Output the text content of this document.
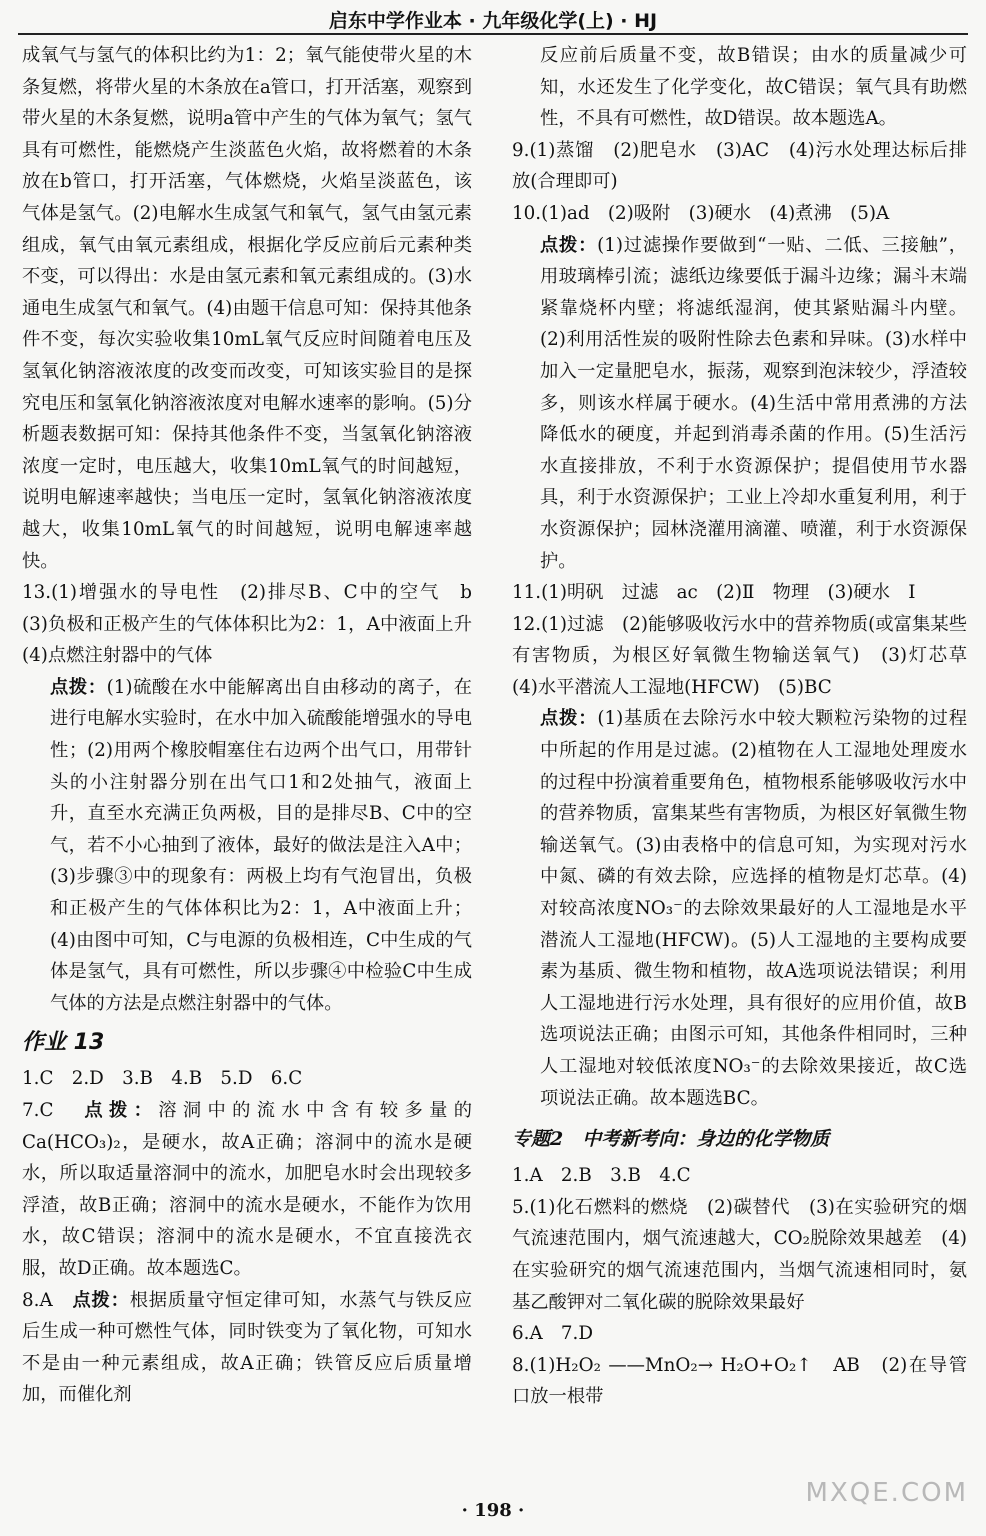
启东中学作业本 · 九年级化学(上) · HJ

成氧气与氢气的体积比约为1：2；氧气能使带火星的木条复燃，将带火星的木条放在a管口，打开活塞，观察到带火星的木条复燃，说明a管中产生的气体为氧气；氢气具有可燃性，能燃烧产生淡蓝色火焰，故将燃着的木条放在b管口，打开活塞，气体燃烧，火焰呈淡蓝色，该气体是氢气。(2)电解水生成氢气和氧气，氢气由氢元素组成，氧气由氧元素组成，根据化学反应前后元素种类不变，可以得出：水是由氢元素和氧元素组成的。(3)水通电生成氢气和氧气。(4)由题干信息可知：保持其他条件不变，每次实验收集10mL氧气反应时间随着电压及氢氧化钠溶液浓度的改变而改变，可知该实验目的是探究电压和氢氧化钠溶液浓度对电解水速率的影响。(5)分析题表数据可知：保持其他条件不变，当氢氧化钠溶液浓度一定时，电压越大，收集10mL氧气的时间越短，说明电解速率越快；当电压一定时，氢氧化钠溶液浓度越大，收集10mL氧气的时间越短，说明电解速率越快。

13.(1)增强水的导电性　(2)排尽B、C中的空气　b　(3)负极和正极产生的气体体积比为2：1，A中液面上升　(4)点燃注射器中的气体

点拨：(1)硫酸在水中能解离出自由移动的离子，在进行电解水实验时，在水中加入硫酸能增强水的导电性；(2)用两个橡胶帽塞住右边两个出气口，用带针头的小注射器分别在出气口1和2处抽气，液面上升，直至水充满正负两极，目的是排尽B、C中的空气，若不小心抽到了液体，最好的做法是注入A中；(3)步骤③中的现象有：两极上均有气泡冒出，负极和正极产生的气体体积比为2：1，A中液面上升；(4)由图中可知，C与电源的负极相连，C中生成的气体是氢气，具有可燃性，所以步骤④中检验C中生成气体的方法是点燃注射器中的气体。

作业 13

1.C　2.D　3.B　4.B　5.D　6.C

7.C　点拨：溶洞中的流水中含有较多量的Ca(HCO₃)₂，是硬水，故A正确；溶洞中的流水是硬水，所以取适量溶洞中的流水，加肥皂水时会出现较多浮渣，故B正确；溶洞中的流水是硬水，不能作为饮用水，故C错误；溶洞中的流水是硬水，不宜直接洗衣服，故D正确。故本题选C。

8.A　点拨：根据质量守恒定律可知，水蒸气与铁反应后生成一种可燃性气体，同时铁变为了氧化物，可知水不是由一种元素组成，故A正确；铁管反应后质量增加，而催化剂

反应前后质量不变，故B错误；由水的质量减少可知，水还发生了化学变化，故C错误；氧气具有助燃性，不具有可燃性，故D错误。故本题选A。

9.(1)蒸馏　(2)肥皂水　(3)AC　(4)污水处理达标后排放(合理即可)

10.(1)ad　(2)吸附　(3)硬水　(4)煮沸　(5)A

点拨：(1)过滤操作要做到“一贴、二低、三接触”，用玻璃棒引流；滤纸边缘要低于漏斗边缘；漏斗末端紧靠烧杯内壁；将滤纸湿润，使其紧贴漏斗内壁。(2)利用活性炭的吸附性除去色素和异味。(3)水样中加入一定量肥皂水，振荡，观察到泡沫较少，浮渣较多，则该水样属于硬水。(4)生活中常用煮沸的方法降低水的硬度，并起到消毒杀菌的作用。(5)生活污水直接排放，不利于水资源保护；提倡使用节水器具，利于水资源保护；工业上冷却水重复利用，利于水资源保护；园林浇灌用滴灌、喷灌，利于水资源保护。

11.(1)明矾　过滤　ac　(2)Ⅱ　物理　(3)硬水　Ⅰ

12.(1)过滤　(2)能够吸收污水中的营养物质(或富集某些有害物质，为根区好氧微生物输送氧气)　(3)灯芯草　(4)水平潜流人工湿地(HFCW)　(5)BC

点拨：(1)基质在去除污水中较大颗粒污染物的过程中所起的作用是过滤。(2)植物在人工湿地处理废水的过程中扮演着重要角色，植物根系能够吸收污水中的营养物质，富集某些有害物质，为根区好氧微生物输送氧气。(3)由表格中的信息可知，为实现对污水中氮、磷的有效去除，应选择的植物是灯芯草。(4)对较高浓度NO₃⁻的去除效果最好的人工湿地是水平潜流人工湿地(HFCW)。(5)人工湿地的主要构成要素为基质、微生物和植物，故A选项说法错误；利用人工湿地进行污水处理，具有很好的应用价值，故B选项说法正确；由图示可知，其他条件相同时，三种人工湿地对较低浓度NO₃⁻的去除效果接近，故C选项说法正确。故本题选BC。

专题2　中考新考向：身边的化学物质

1.A　2.B　3.B　4.C

5.(1)化石燃料的燃烧　(2)碳替代　(3)在实验研究的烟气流速范围内，烟气流速越大，CO₂脱除效果越差　(4)在实验研究的烟气流速范围内，当烟气流速相同时，氨基乙酸钾对二氧化碳的脱除效果最好

6.A　7.D

8.(1)H₂O₂ ——MnO₂→ H₂O+O₂↑　AB　(2)在导管口放一根带

MXQE.COM
· 198 ·
